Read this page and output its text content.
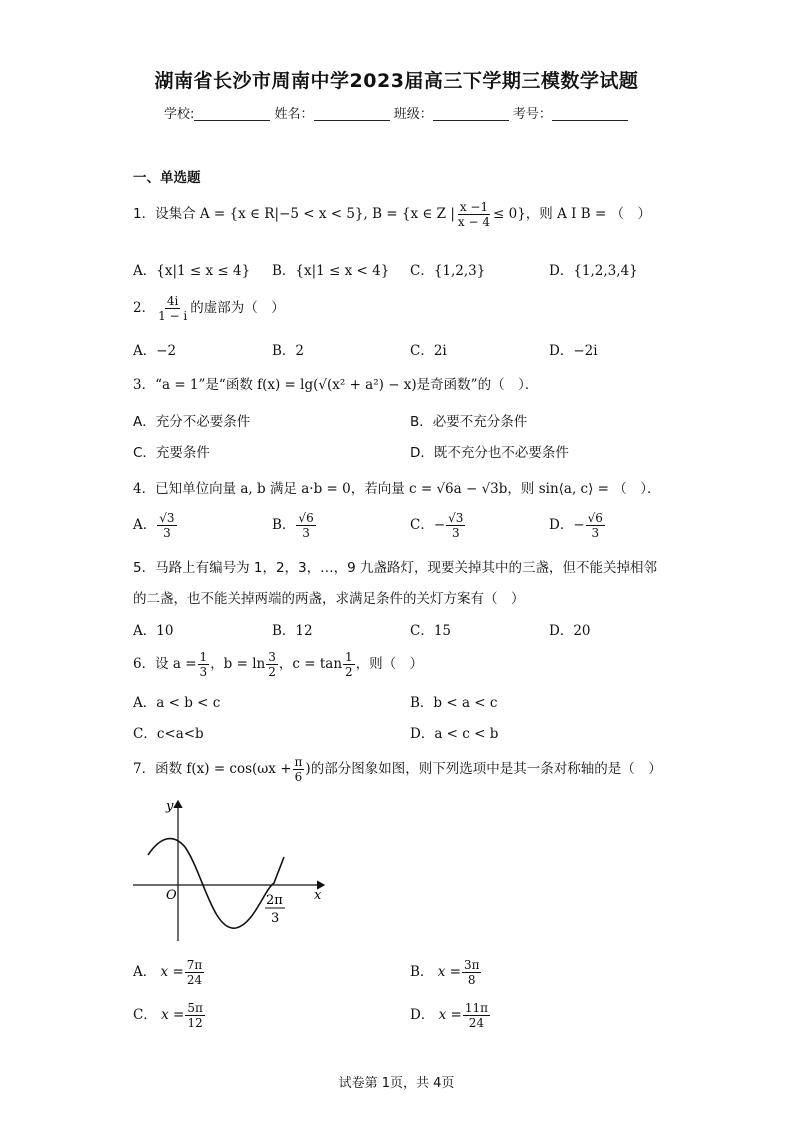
湖南省长沙市周南中学2023届高三下学期三模数学试题
学校:	姓名：	班级：	考号：
一、单选题
1．设集合 A = {x ∈ R|−5 < x < 5}, B = {x ∈ Z | $\frac{x -1}{x - 4} \le 0$}，则 A I B = （　）
A．{x|1 ≤ x ≤ 4} B．{x|1 ≤ x < 4} C．{1,2,3}	D．{1,2,3,4}
2． $\frac{4i}{1 - i}$ 的虚部为（　）
A．−2	B．2	C．2i	D．−2i
3．“a = 1”是“函数 f(x) = lg(√(x² + a²) − x)是奇函数”的（　）．
A．充分不必要条件	B．必要不充分条件
C．充要条件	D．既不充分也不必要条件
4．已知单位向量 a, b 满足 a·b = 0，若向量 c = √6a − √3b，则 sin⟨a, c⟩ = （　）．
A． $\frac{√3}{3}$	B． $\frac{√6}{3}$	C．− $\frac{√3}{3}$	D．− $\frac{√6}{3}$
5．马路上有编号为 1，2，3，…，9 九盏路灯，现要关掉其中的三盏，但不能关掉相邻
的二盏，也不能关掉两端的两盏，求满足条件的关灯方案有（　）
A．10	B．12	C．15	D．20
6．设 $a = \frac{1}{3}$ ，$b = \ln \frac{3}{2}$ ，$c = \tan \frac{1}{2}$ ，则（　）
A．a < b < c	B．b < a < c
C．c<a<b	D．a < c < b
7．函数 $f(x) = \cos(\omega x + \frac{\pi}{6}$ )的部分图象如图，则下列选项中是其一条对称轴的是（　）
y
x
O	2π
3
A． $x = \frac{7\pi}{24}$	B． $x = \frac{3\pi}{8}$
C． $x = \frac{5\pi}{12}$	D． $x = \frac{11\pi}{24}$
试卷第 1页，共 4页
